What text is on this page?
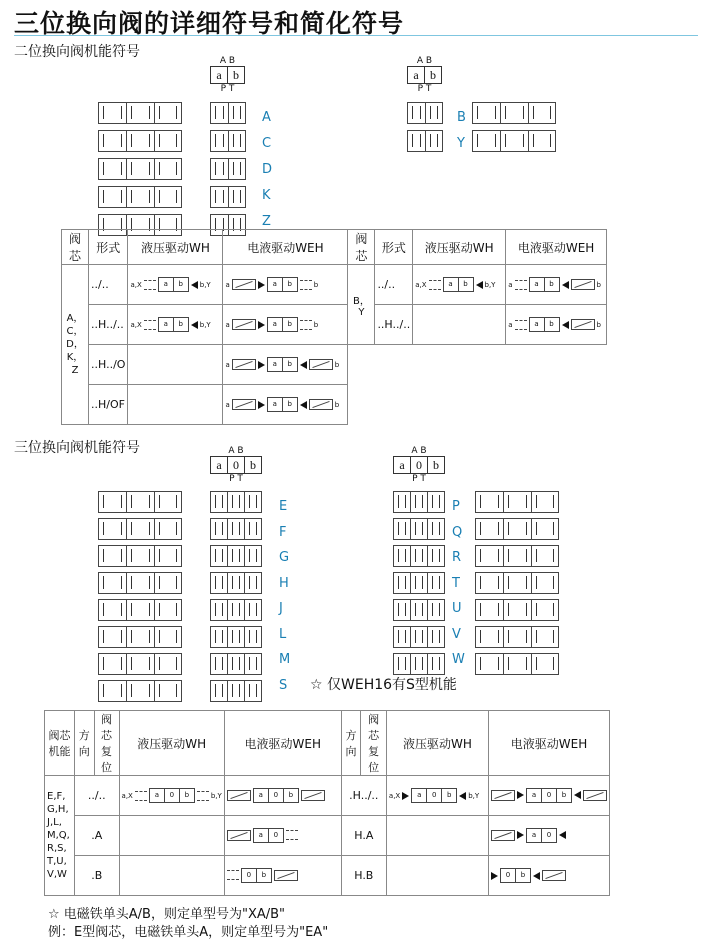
三位换向阀的详细符号和简化符号
二位换向阀机能符号
A B
a b
P T
A B
a b
P T
A
C
D
K
Z
B
Y
阀芯	形式	液压驱动WH	电液驱动WEH	阀芯	形式	液压驱动WH	电液驱动WEH
A，C，D，K，Z	../..	a,X a b b,Y	a a b b	B，Y	../..	a,X a b b,Y	a a b b

	..H../..	a,X a b b,Y	a a b b		..H../..		a a b b

	..H../O		a a b b				

	..H/OF		a a b b				

三位换向阀机能符号	A B
a 0 b
P T
A B
a 0 b
P T
E
F
G
H
J
L
M
S
P
Q
R
T
U
V
W
☆ 仅WEH16有S型机能
阀芯机能	方向	阀芯复位	液压驱动WH	电液驱动WEH	方向	阀芯复位	液压驱动WH	电液驱动WEH
E,F, G,H, J,L, M,Q, R,S, T,U, V,W	../..		a,X a 0 b b,Y	a 0 b	.H../..		a,X a 0 b b,Y	a 0 b

	.A			a 0	H.A			a 0

	.B			0 b	H.B			0 b
☆ 电磁铁单头A/B，则定单型号为"XA/B"
例：E型阀芯，电磁铁单头A，则定单型号为"EA"
